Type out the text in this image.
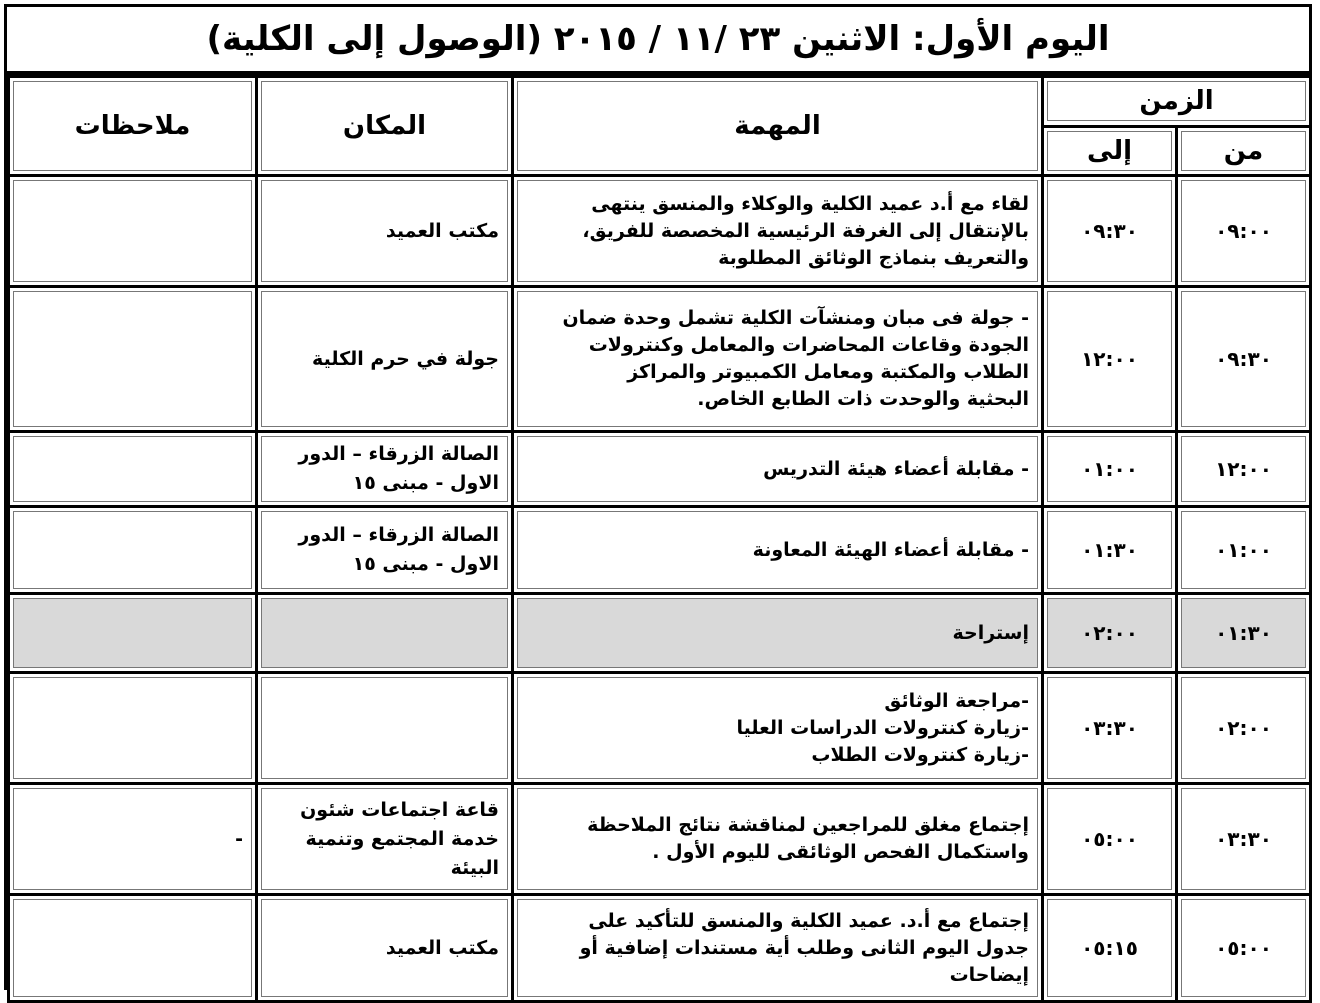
اليوم الأول: الاثنين ٢٣ /١١ / ٢٠١٥ (الوصول إلى الكلية)
الزمن		المهمة	المكان	ملاحظات

من	إلى			

٠٩:٠٠	٠٩:٣٠	لقاء مع أ.د عميد الكلية والوكلاء والمنسق ينتهى
بالإنتقال إلى الغرفة الرئيسية المخصصة للفريق،
والتعريف بنماذج الوثائق المطلوبة	مكتب العميد	

٠٩:٣٠	١٢:٠٠	- جولة فى مبان ومنشآت الكلية تشمل وحدة ضمان
الجودة وقاعات المحاضرات والمعامل وكنترولات
الطلاب والمكتبة ومعامل الكمبيوتر والمراكز
البحثية والوحدت ذات الطابع الخاص.	جولة في حرم الكلية	

١٢:٠٠	٠١:٠٠	- مقابلة أعضاء هيئة التدريس	الصالة الزرقاء – الدور
الاول - مبنى ١٥	

٠١:٠٠	٠١:٣٠	- مقابلة أعضاء الهيئة المعاونة	الصالة الزرقاء – الدور
الاول - مبنى ١٥	

٠١:٣٠	٠٢:٠٠	إستراحة		

٠٢:٠٠	٠٣:٣٠	-مراجعة الوثائق
-زيارة كنترولات الدراسات العليا
-زيارة كنترولات الطلاب		

٠٣:٣٠	٠٥:٠٠	إجتماع مغلق للمراجعين لمناقشة نتائج الملاحظة
واستكمال الفحص الوثائقى لليوم الأول .	قاعة اجتماعات شئون
خدمة المجتمع وتنمية
البيئة	-

٠٥:٠٠	٠٥:١٥	إجتماع مع أ.د. عميد الكلية والمنسق للتأكيد على
جدول اليوم الثانى وطلب أية مستندات إضافية أو
إيضاحات	مكتب العميد	
